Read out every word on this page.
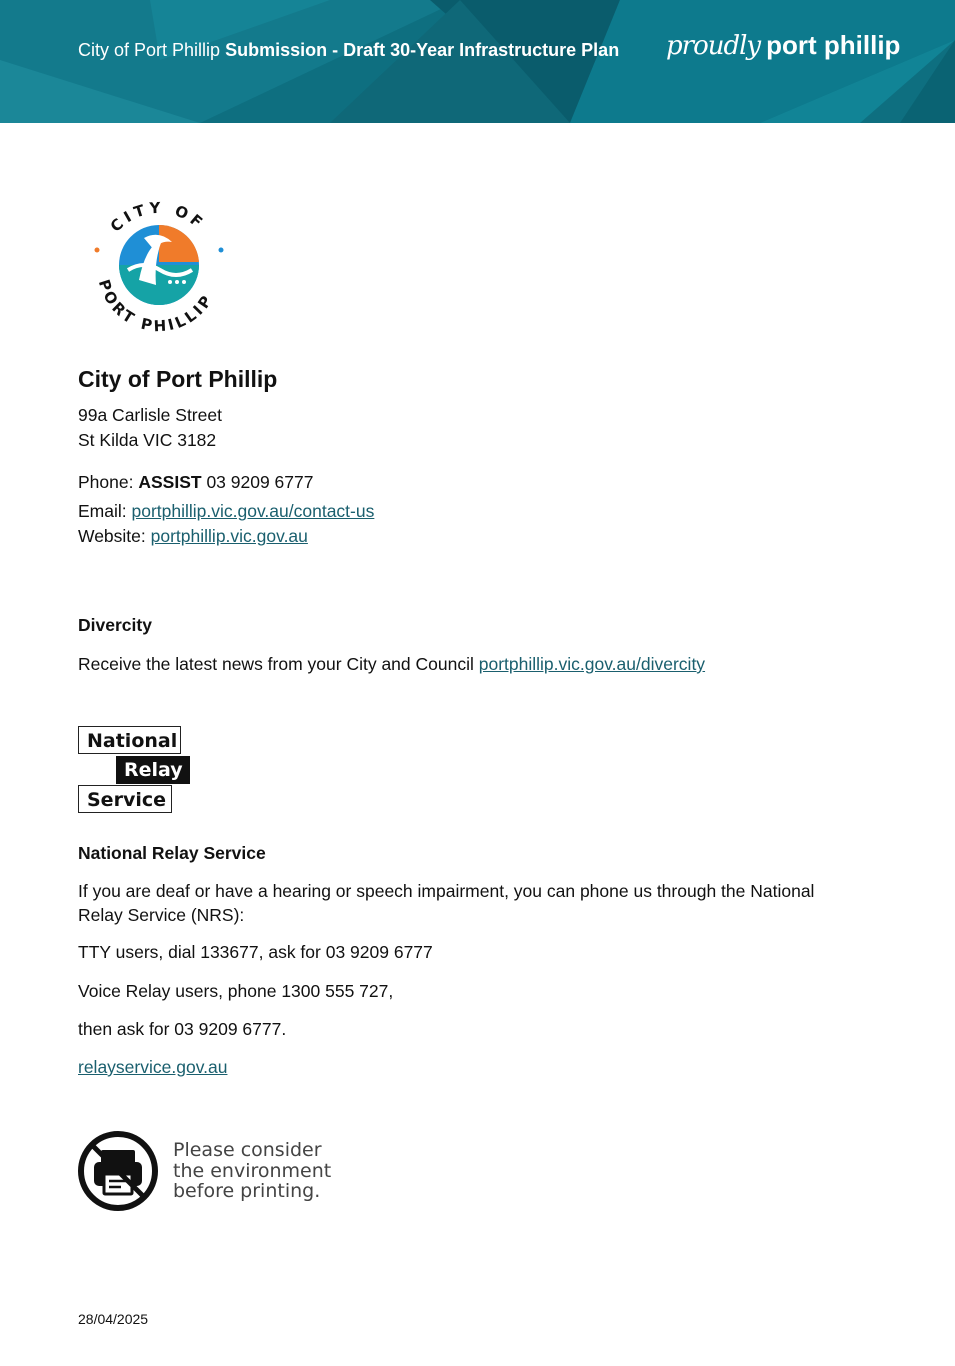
City of Port Phillip Submission - Draft 30-Year Infrastructure Plan proudly port phillip
CITY OF
PORT PHILLIP
City of Port Phillip
99a Carlisle Street
St Kilda VIC 3182
Phone: ASSIST 03 9209 6777
Email: portphillip.vic.gov.au/contact-us
Website: portphillip.vic.gov.au
Divercity
Receive the latest news from your City and Council portphillip.vic.gov.au/divercity
National
Relay
Service
National Relay Service
If you are deaf or have a hearing or speech impairment, you can phone us through the National
Relay Service (NRS):
TTY users, dial 133677, ask for 03 9209 6777
Voice Relay users, phone 1300 555 727,
then ask for 03 9209 6777.
relayservice.gov.au
Please consider
the environment
before printing.
28/04/2025
